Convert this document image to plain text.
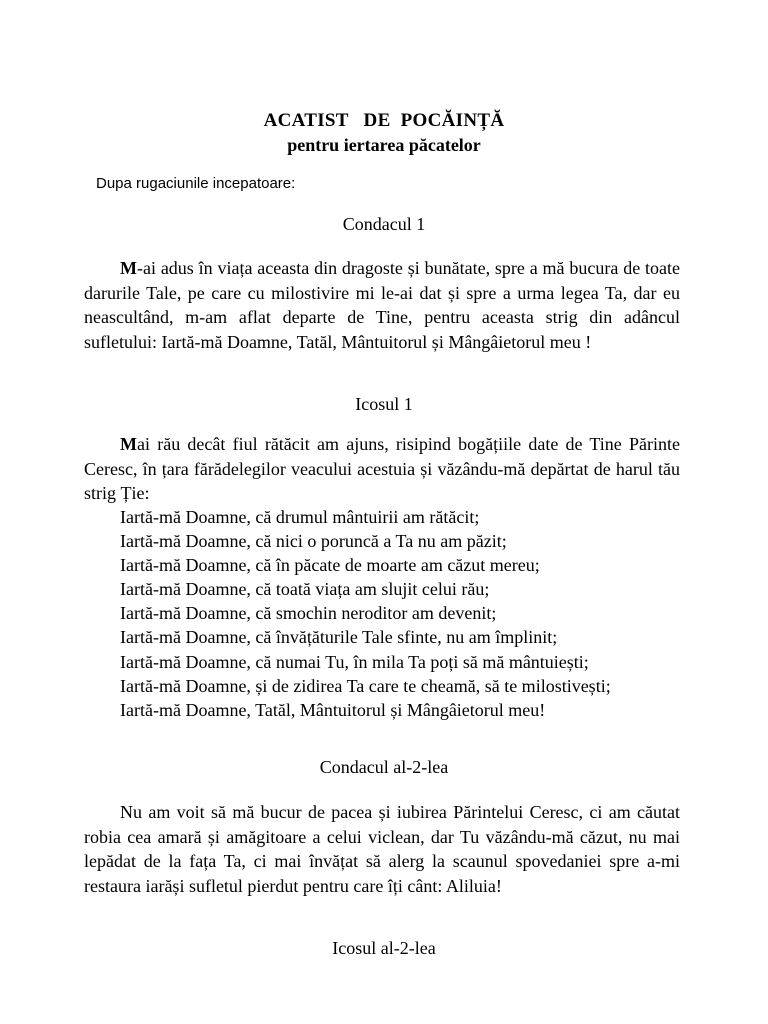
ACATIST   DE  POCĂINȚĂ
pentru iertarea păcatelor
Dupa rugaciunile incepatoare:
Condacul 1

M-ai adus în viața aceasta din dragoste și bunătate, spre a mă bucura de toate darurile Tale, pe care cu milostivire mi le-ai dat și spre a urma legea Ta, dar eu neascultând, m-am aflat departe de Tine, pentru aceasta strig din adâncul sufletului: Iartă-mă Doamne, Tatăl, Mântuitorul și Mângâietorul meu !

Icosul 1

Mai rău decât fiul rătăcit am ajuns, risipind bogățiile date de Tine Părinte Ceresc, în țara fărădelegilor veacului acestuia și văzându-mă depărtat de harul tău strig Ție:

Iartă-mă Doamne, că drumul mântuirii am rătăcit;
Iartă-mă Doamne, că nici o poruncă a Ta nu am păzit;
Iartă-mă Doamne, că în păcate de moarte am căzut mereu;
Iartă-mă Doamne, că toată viața am slujit celui rău;
Iartă-mă Doamne, că smochin neroditor am devenit;
Iartă-mă Doamne, că învățăturile Tale sfinte, nu am împlinit;
Iartă-mă Doamne, că numai Tu, în mila Ta poți să mă mântuiești;
Iartă-mă Doamne, și de zidirea Ta care te cheamă, să te milostivești;
Iartă-mă Doamne, Tatăl, Mântuitorul și Mângâietorul meu!
Condacul al-2-lea

Nu am voit să mă bucur de pacea și iubirea Părintelui Ceresc, ci am căutat robia cea amară și amăgitoare a celui viclean, dar Tu văzându-mă căzut, nu mai lepădat de la fața Ta, ci mai învățat să alerg la scaunul spovedaniei spre a-mi restaura iarăși sufletul pierdut pentru care îți cânt: Aliluia!

Icosul al-2-lea
